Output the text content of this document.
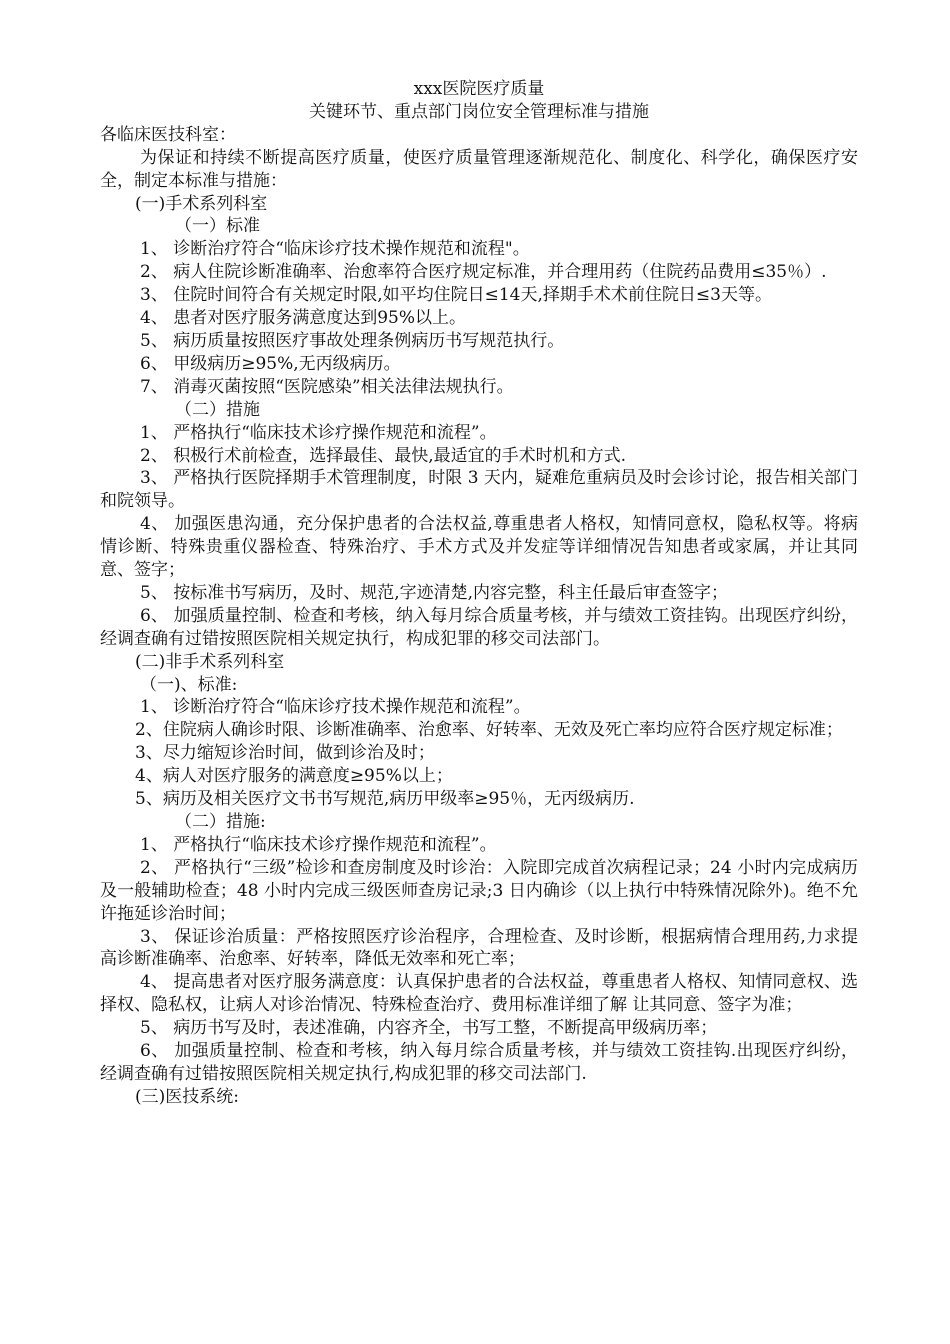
xxx医院医疗质量

关键环节、重点部门岗位安全管理标准与措施

各临床医技科室：

为保证和持续不断提高医疗质量，使医疗质量管理逐渐规范化、制度化、科学化，确保医疗安全，制定本标准与措施：

(一)手术系列科室

（一）标准

1、 诊断治疗符合“临床诊疗技术操作规范和流程"。

2、 病人住院诊断准确率、治愈率符合医疗规定标准，并合理用药（住院药品费用≤35％）.

3、 住院时间符合有关规定时限,如平均住院日≤14天,择期手术术前住院日≤3天等。

4、 患者对医疗服务满意度达到95%以上。

5、 病历质量按照医疗事故处理条例病历书写规范执行。

6、 甲级病历≥95%,无丙级病历。

7、 消毒灭菌按照“医院感染”相关法律法规执行。

（二）措施

1、 严格执行“临床技术诊疗操作规范和流程”。

2、 积极行术前检查，选择最佳、最快,最适宜的手术时机和方式.

3、 严格执行医院择期手术管理制度，时限 3 天内，疑难危重病员及时会诊讨论，报告相关部门和院领导。

4、 加强医患沟通，充分保护患者的合法权益,尊重患者人格权，知情同意权，隐私权等。将病情诊断、特殊贵重仪器检查、特殊治疗、手术方式及并发症等详细情况告知患者或家属，并让其同意、签字；

5、 按标准书写病历，及时、规范,字迹清楚,内容完整，科主任最后审查签字；

6、 加强质量控制、检查和考核，纳入每月综合质量考核，并与绩效工资挂钩。出现医疗纠纷，经调查确有过错按照医院相关规定执行，构成犯罪的移交司法部门。

(二)非手术系列科室

（一)、标准:

1、 诊断治疗符合“临床诊疗技术操作规范和流程”。

2、住院病人确诊时限、诊断准确率、治愈率、好转率、无效及死亡率均应符合医疗规定标准；

3、尽力缩短诊治时间，做到诊治及时；

4、病人对医疗服务的满意度≥95%以上；

5、病历及相关医疗文书书写规范,病历甲级率≥95％，无丙级病历.

（二）措施:

1、 严格执行“临床技术诊疗操作规范和流程”。

2、 严格执行“三级”检诊和查房制度及时诊治：入院即完成首次病程记录；24 小时内完成病历及一般辅助检查；48 小时内完成三级医师查房记录;3 日内确诊（以上执行中特殊情况除外)。绝不允许拖延诊治时间；

3、 保证诊治质量：严格按照医疗诊治程序，合理检查、及时诊断，根据病情合理用药,力求提高诊断准确率、治愈率、好转率，降低无效率和死亡率；

4、 提高患者对医疗服务满意度：认真保护患者的合法权益，尊重患者人格权、知情同意权、选择权、隐私权，让病人对诊治情况、特殊检查治疗、费用标准详细了解 让其同意、签字为准；

5、 病历书写及时，表述准确，内容齐全，书写工整，不断提高甲级病历率；

6、 加强质量控制、检查和考核，纳入每月综合质量考核，并与绩效工资挂钩.出现医疗纠纷，经调查确有过错按照医院相关规定执行,构成犯罪的移交司法部门.

(三)医技系统:
